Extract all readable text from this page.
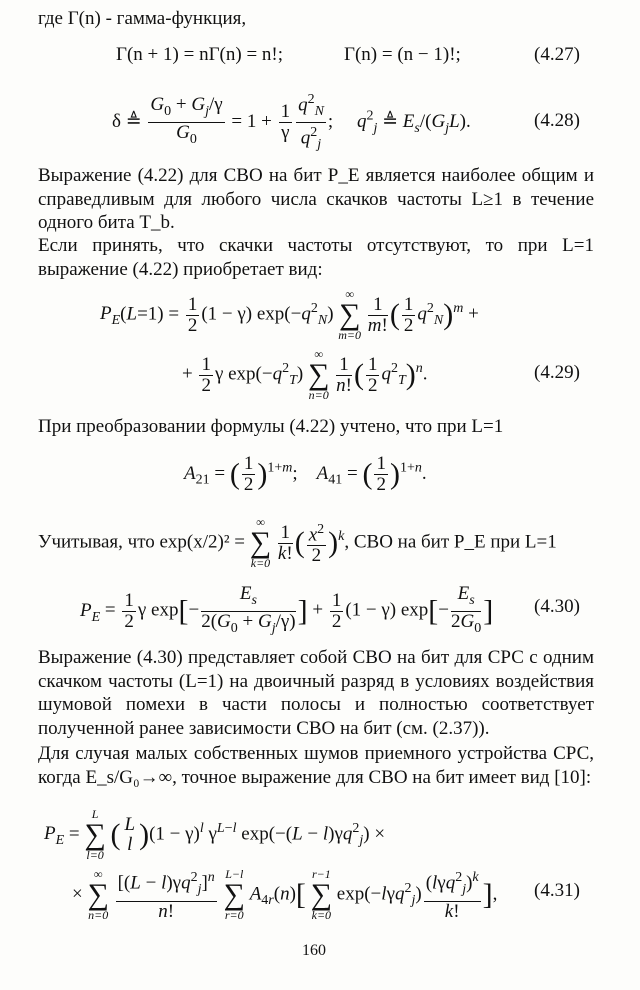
где Γ(n) - гамма-функция,
Γ(n + 1) = nΓ(n) = n!;	Γ(n) = (n − 1)!;	(4.27)
δ ≜ $\frac{G_0 + G_j/\gamma}{G_0} = 1 + \frac{1}{\gamma} \frac{q^2_N}{q^2_j}$ ;     $q^2_j$ ≜ $E_s/(G_jL)$.	(4.28)
Выражение (4.22) для СВО на бит P_E является наиболее общим и справедливым для любого числа скачков частоты L≥1 в течение одного бита T_b.
Если принять, что скачки частоты отсутствуют, то при L=1 выражение (4.22) приобретает вид:
$P_E(L=1) = \frac{1}{2} (1 - \gamma)$ $\exp(-q^2_N)$
∞
∑
m=0
$\frac{1}{m!}$ ( $\frac{1}{2} q^2_N)^m$ +
+ $\frac{1}{2}$ γ $\exp(-q^2_T)$
∞
∑
n=0
$\frac{1}{n!}$ ( $\frac{1}{2} q^2_T)^n$.	(4.29)
При преобразовании формулы (4.22) учтено, что при L=1
$A_{21}$ = ( $\frac{1}{2} )^{1+m}$;    $A_{41}$ = ( $\frac{1}{2} )^{1+n}$.
Учитывая, что exp(x/2)² =
∞
∑
k=0
$\frac{1}{k!}$ ( $\frac{x^2}{2} )^k$, СВО на бит P_E при L=1
$P_E = \frac{1}{2}$ γ $\exp[- \frac{E_s}{2(G_0 + G_j/\gamma)}$ ] + $\frac{1}{2} (1 - \gamma)$ $\exp[- \frac{E_s}{2G_0}$ ] (4.30)
Выражение (4.30) представляет собой СВО на бит для СРС с одним скачком частоты (L=1) на двоичный разряд в условиях воздействия шумовой помехи в части полосы и полностью соответствует полученной ранее зависимости СВО на бит (см. (2.37)).
Для случая малых собственных шумов приемного устройства СРС, когда E_s/G₀→∞, точное выражение для СВО на бит имеет вид [10]:
$P_E$ =
L
∑
l=0
( L
l )$(1 - \gamma)^l$ $\gamma^{L-l}$ $\exp(-(L - l)\gamma q^2_j)$ ×
×
∞
∑
n=0
$\frac{[(L - l)\gamma q^2_j]^n}{n!}$
L−l
∑
r=0
$A_{4r}(n)$[
r−1
∑
k=0
$\exp(-l\gamma q^2_j) \frac{(l\gamma q^2_j)^k}{k!}$ ], (4.31)
160
